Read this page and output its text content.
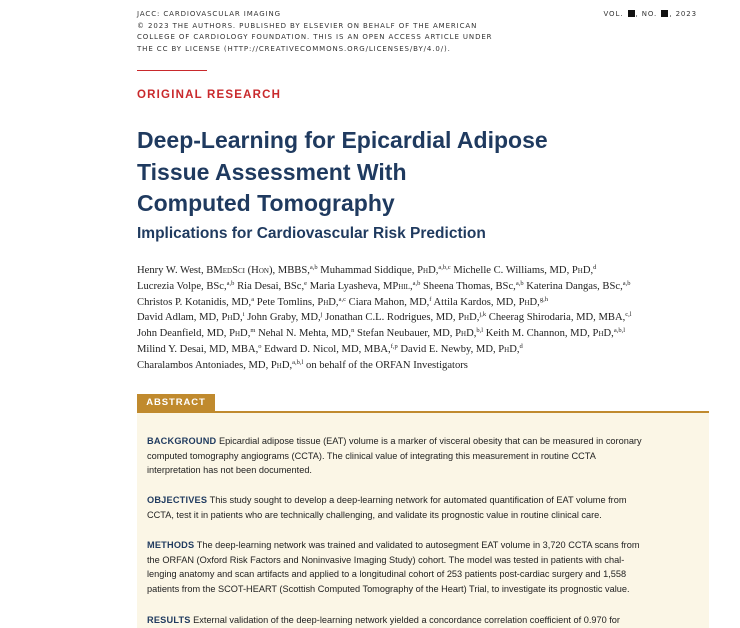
JACC: CARDIOVASCULAR IMAGING
© 2023 THE AUTHORS. PUBLISHED BY ELSEVIER ON BEHALF OF THE AMERICAN
COLLEGE OF CARDIOLOGY FOUNDATION. THIS IS AN OPEN ACCESS ARTICLE UNDER
THE CC BY LICENSE (HTTP://CREATIVECOMMONS.ORG/LICENSES/BY/4.0/).
VOL. , NO. , 2023
ORIGINAL RESEARCH
Deep-Learning for Epicardial Adipose
Tissue Assessment With
Computed Tomography
Implications for Cardiovascular Risk Prediction
Henry W. West, BMedSci (Hon), MBBS,$^{a,b}$ Muhammad Siddique, PhD,$^{a,b,c}$ Michelle C. Williams, MD, PhD,$^d$
Lucrezia Volpe, BSc,$^{a,b}$ Ria Desai, BSc,$^e$ Maria Lyasheva, MPhil,$^{a,b}$ Sheena Thomas, BSc,$^{a,b}$ Katerina Dangas, BSc,$^{a,b}$
Christos P. Kotanidis, MD,$^a$ Pete Tomlins, PhD,$^{a,c}$ Ciara Mahon, MD,$^f$ Attila Kardos, MD, PhD,$^{g,h}$
David Adlam, MD, PhD,$^i$ John Graby, MD,$^j$ Jonathan C.L. Rodrigues, MD, PhD,$^{j,k}$ Cheerag Shirodaria, MD, MBA,$^{c,l}$
John Deanfield, MD, PhD,$^m$ Nehal N. Mehta, MD,$^n$ Stefan Neubauer, MD, PhD,$^{b,l}$ Keith M. Channon, MD, PhD,$^{a,b,l}$
Milind Y. Desai, MD, MBA,$^o$ Edward D. Nicol, MD, MBA,$^{f,p}$ David E. Newby, MD, PhD,$^d$
Charalambos Antoniades, MD, PhD,$^{a,b,l}$ on behalf of the ORFAN Investigators
ABSTRACT
BACKGROUND Epicardial adipose tissue (EAT) volume is a marker of visceral obesity that can be measured in coronary
computed tomography angiograms (CCTA). The clinical value of integrating this measurement in routine CCTA
interpretation has not been documented.
OBJECTIVES This study sought to develop a deep-learning network for automated quantification of EAT volume from
CCTA, test it in patients who are technically challenging, and validate its prognostic value in routine clinical care.
METHODS The deep-learning network was trained and validated to autosegment EAT volume in 3,720 CCTA scans from
the ORFAN (Oxford Risk Factors and Noninvasive Imaging Study) cohort. The model was tested in patients with chal-
lenging anatomy and scan artifacts and applied to a longitudinal cohort of 253 patients post-cardiac surgery and 1,558
patients from the SCOT-HEART (Scottish Computed Tomography of the Heart) Trial, to investigate its prognostic value.
RESULTS External validation of the deep-learning network yielded a concordance correlation coefficient of 0.970 for
